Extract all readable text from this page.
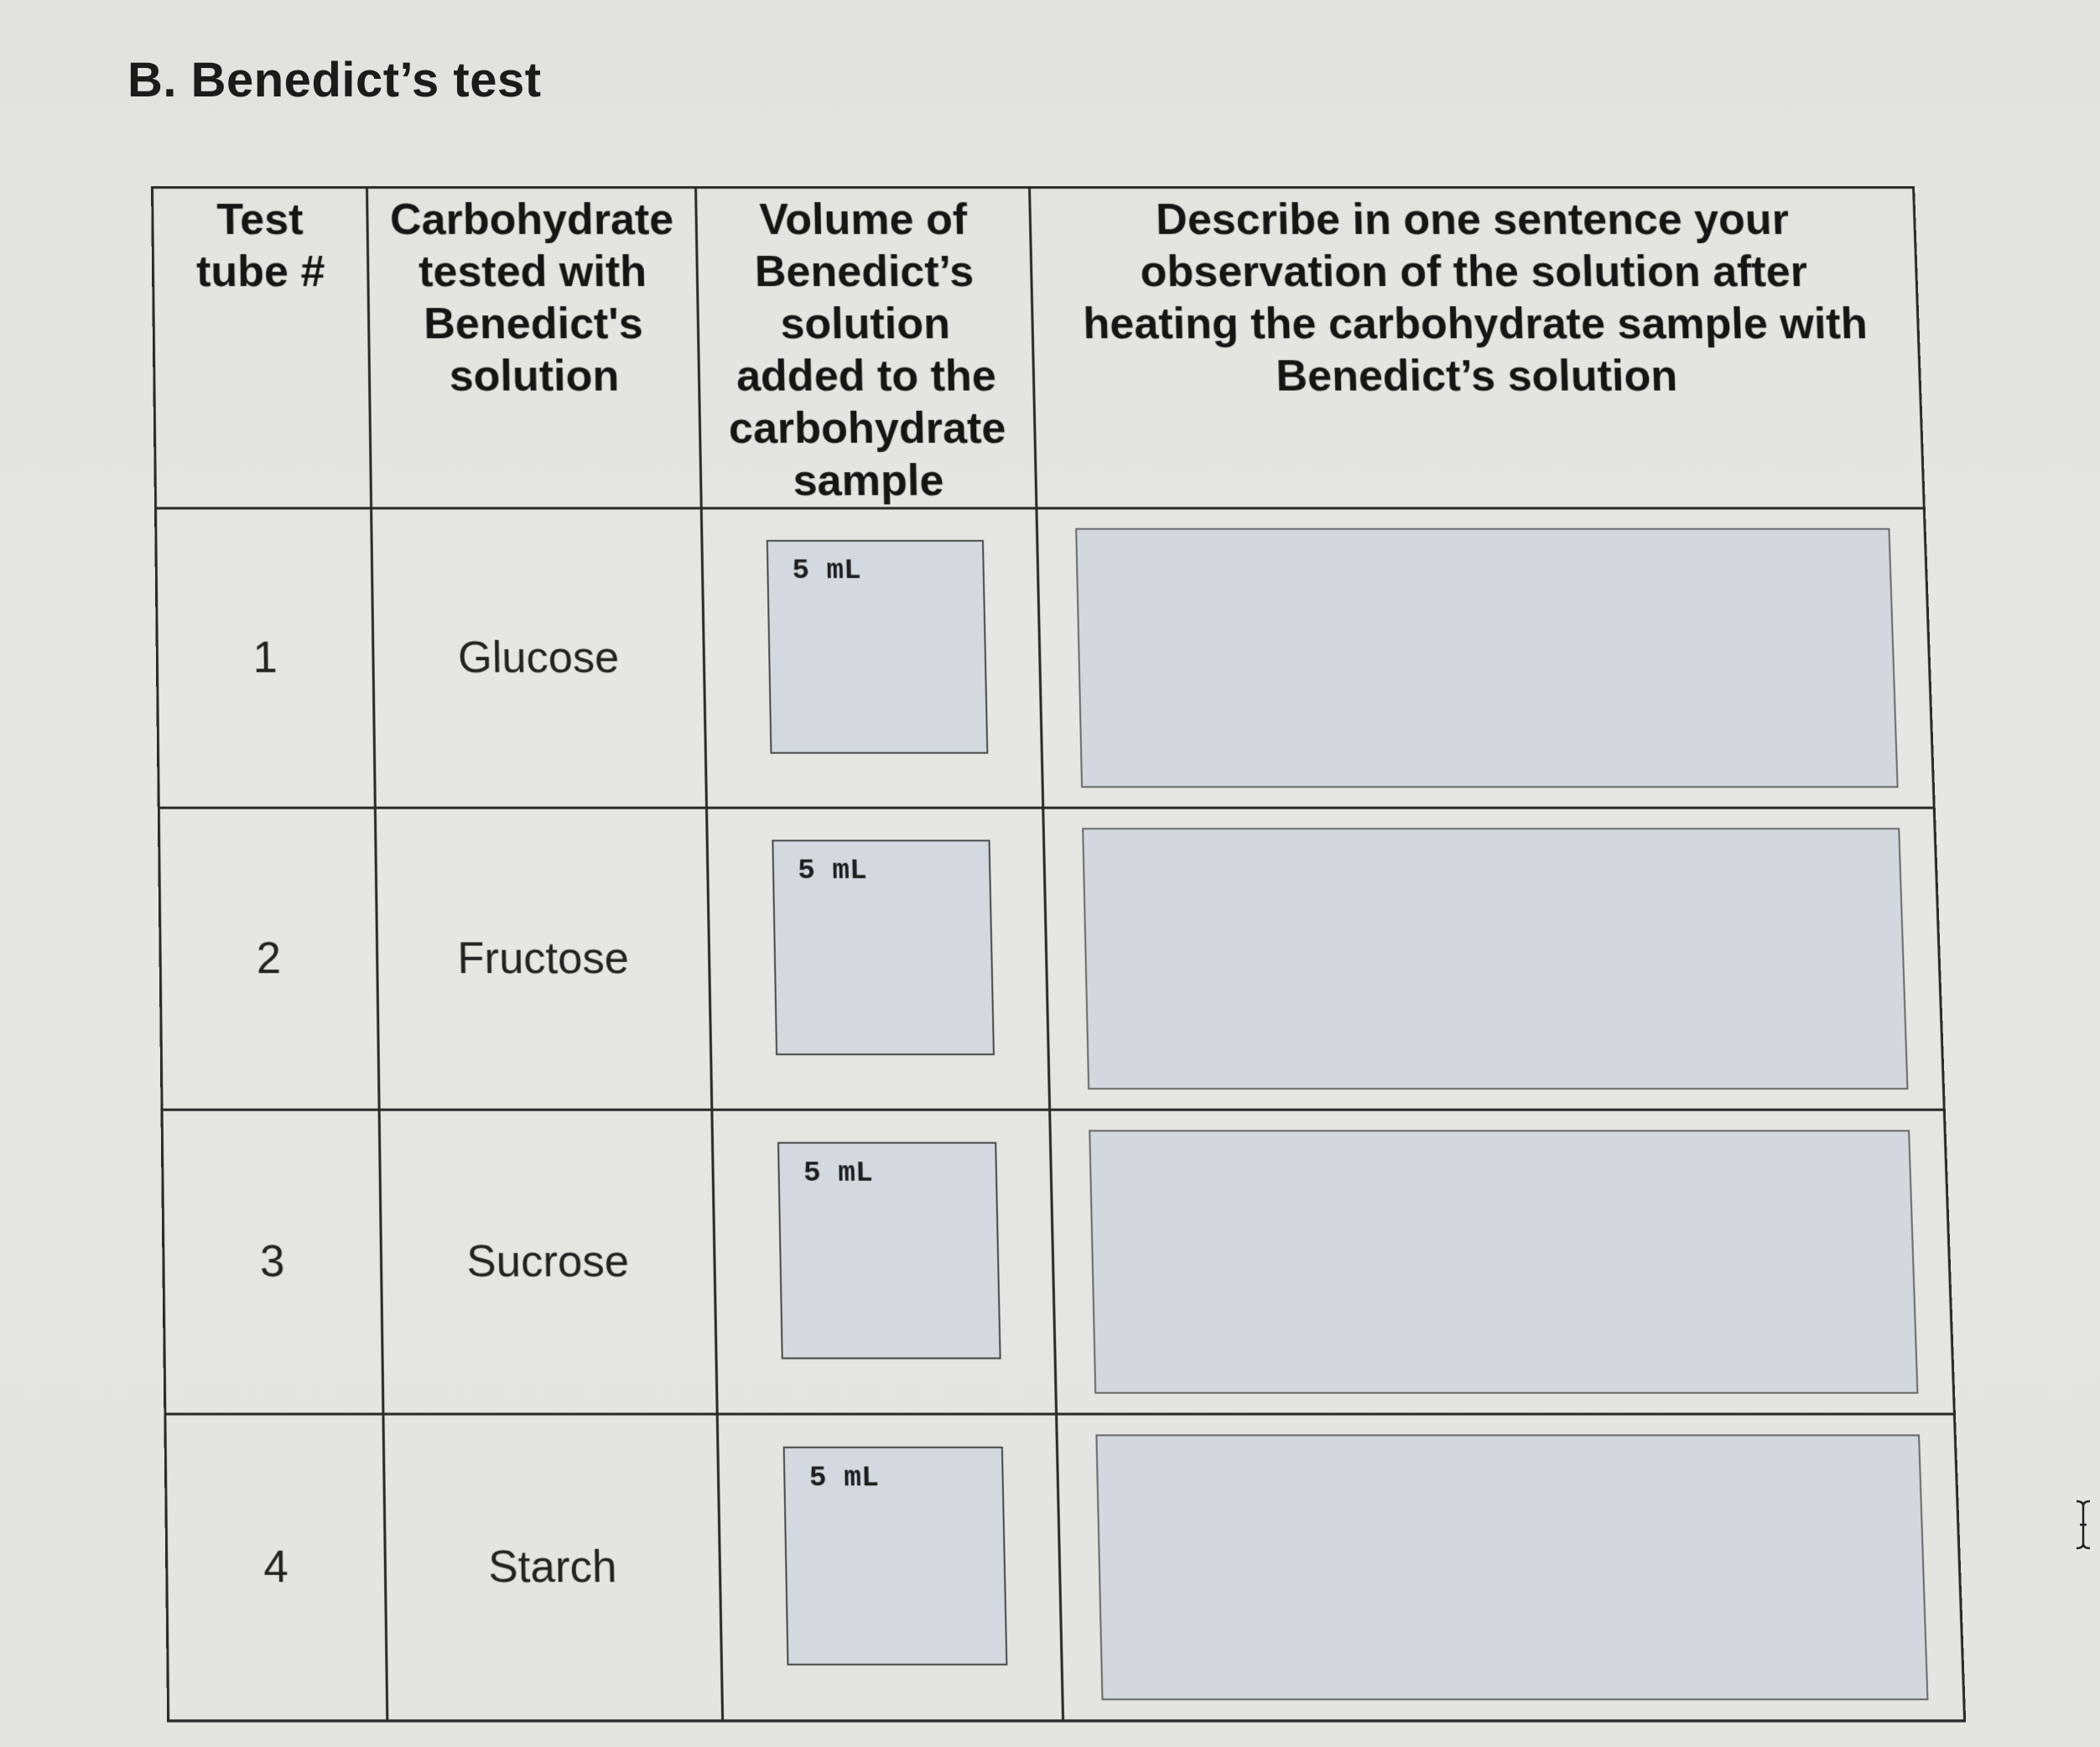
B. Benedict’s test
Test tube #	Carbohydrate tested with Benedict's solution	Volume of Benedict’s solution added to the carbohydrate sample	Describe in one sentence your observation of the solution after heating the carbohydrate sample with Benedict’s solution

1	Glucose	5 mL	

2	Fructose	5 mL	

3	Sucrose	5 mL	

4	Starch	5 mL	
